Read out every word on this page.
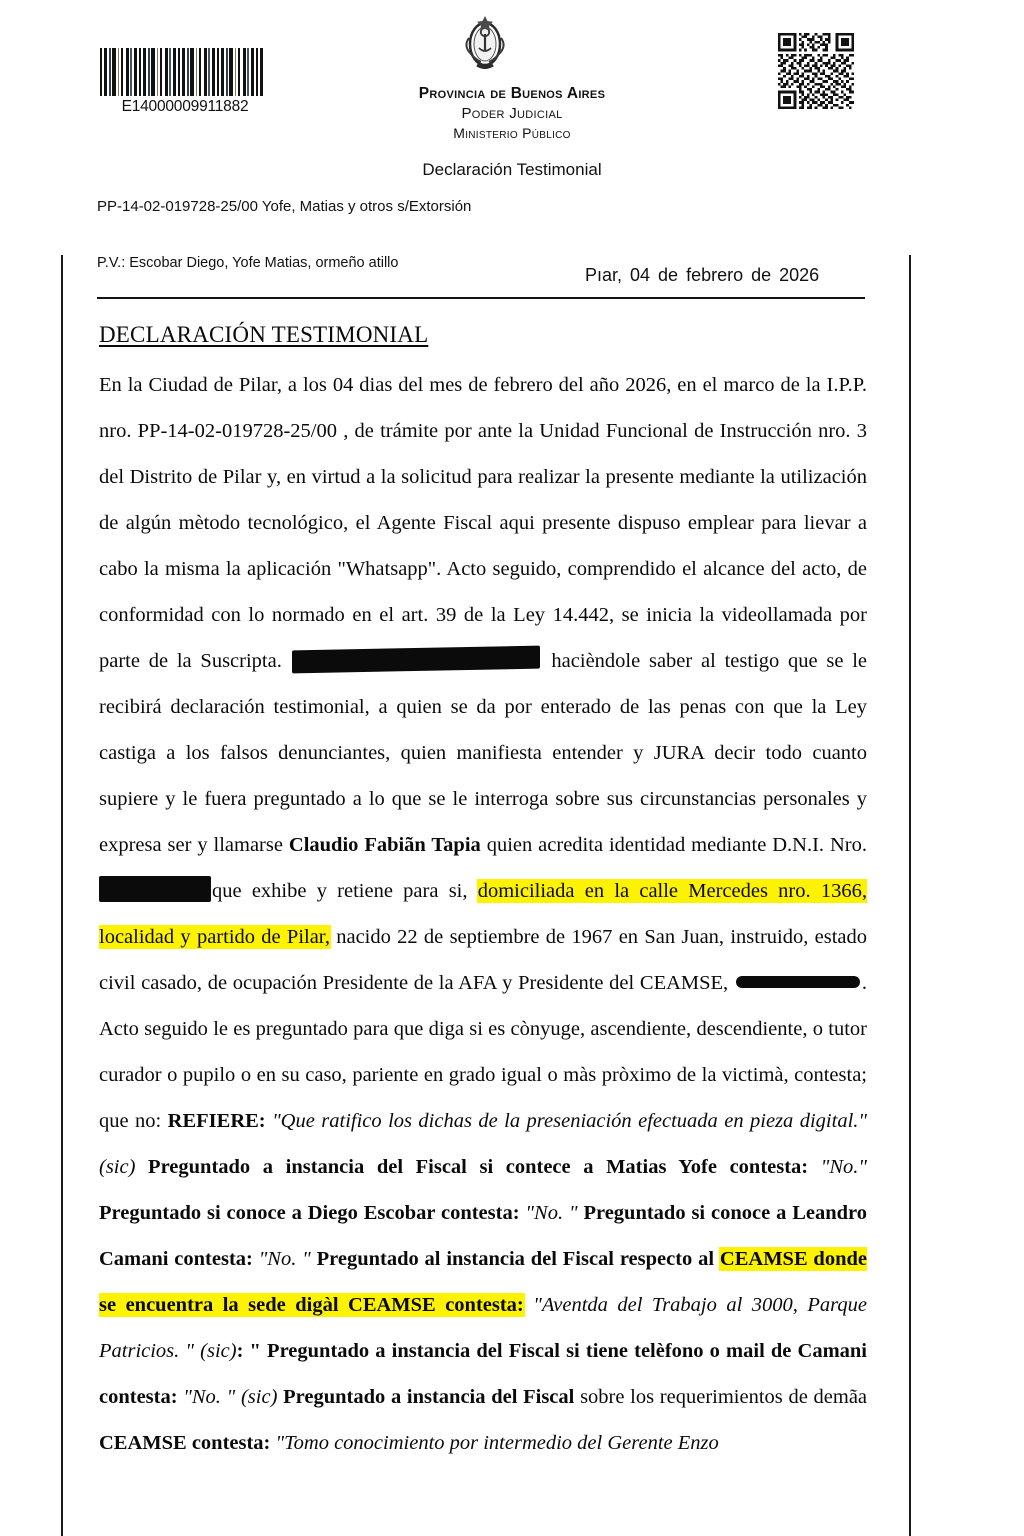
E14000009911882
Provincia de Buenos Aires
Poder Judicial
Ministerio Público
Declaración Testimonial
PP-14-02-019728-25/00 Yofe, Matias y otros s/Extorsión
P.V.: Escobar Diego, Yofe Matias, ormeño atillo
Pıar, 04 de febrero de 2026
DECLARACIÓN TESTIMONIAL

En la Ciudad de Pilar, a los 04 dias del mes de febrero del año 2026, en el marco de la I.P.P. nro. PP-14-02-019728-25/00 , de trámite por ante la Unidad Funcional de Instrucción nro. 3 del Distrito de Pilar y, en virtud a la solicitud para realizar la presente mediante la utilización de algún mètodo tecnológico, el Agente Fiscal aqui presente dispuso emplear para lievar a cabo la misma la aplicación "Whatsapp". Acto seguido, comprendido el alcance del acto, de conformidad con lo normado en el art. 39 de la Ley 14.442, se inicia la videollamada por parte de la Suscripta.	hacièndole saber al testigo que se le recibirá declaración testimonial, a quien se da por enterado de las penas con que la Ley castiga a los falsos denunciantes, quien manifiesta entender y JURA decir todo cuanto supiere y le fuera preguntado a lo que se le interroga sobre sus circunstancias personales y expresa ser y llamarse Claudio Fabiãn Tapia quien acredita identidad mediante D.N.I. Nro. que exhibe y retiene para si, domiciliada en la calle Mercedes nro. 1366, localidad y partido de Pilar, nacido 22 de septiembre de 1967 en San Juan, instruido, estado civil casado, de ocupación Presidente de la AFA y Presidente del CEAMSE,	. Acto seguido le es preguntado para que diga si es cònyuge, ascendiente, descendiente, o tutor curador o pupilo o en su caso, pariente en grado igual o màs pròximo de la victimà, contesta; que no: REFIERE: "Que ratifico los dichas de la preseniación efectuada en pieza digital." (sic) Preguntado a instancia del Fiscal si contece a Matias Yofe contesta: "No." Preguntado si conoce a Diego Escobar contesta: "No. " Preguntado si conoce a Leandro Camani contesta: "No. " Preguntado al instancia del Fiscal respecto al CEAMSE donde se encuentra la sede digàl CEAMSE contesta: "Aventda del Trabajo al 3000, Parque Patricios. " (sic): " Preguntado a instancia del Fiscal si tiene telèfono o mail de Camani contesta: "No. " (sic) Preguntado a instancia del Fiscal sobre los requerimientos de demãa CEAMSE contesta: "Tomo conocimiento por intermedio del Gerente Enzo
